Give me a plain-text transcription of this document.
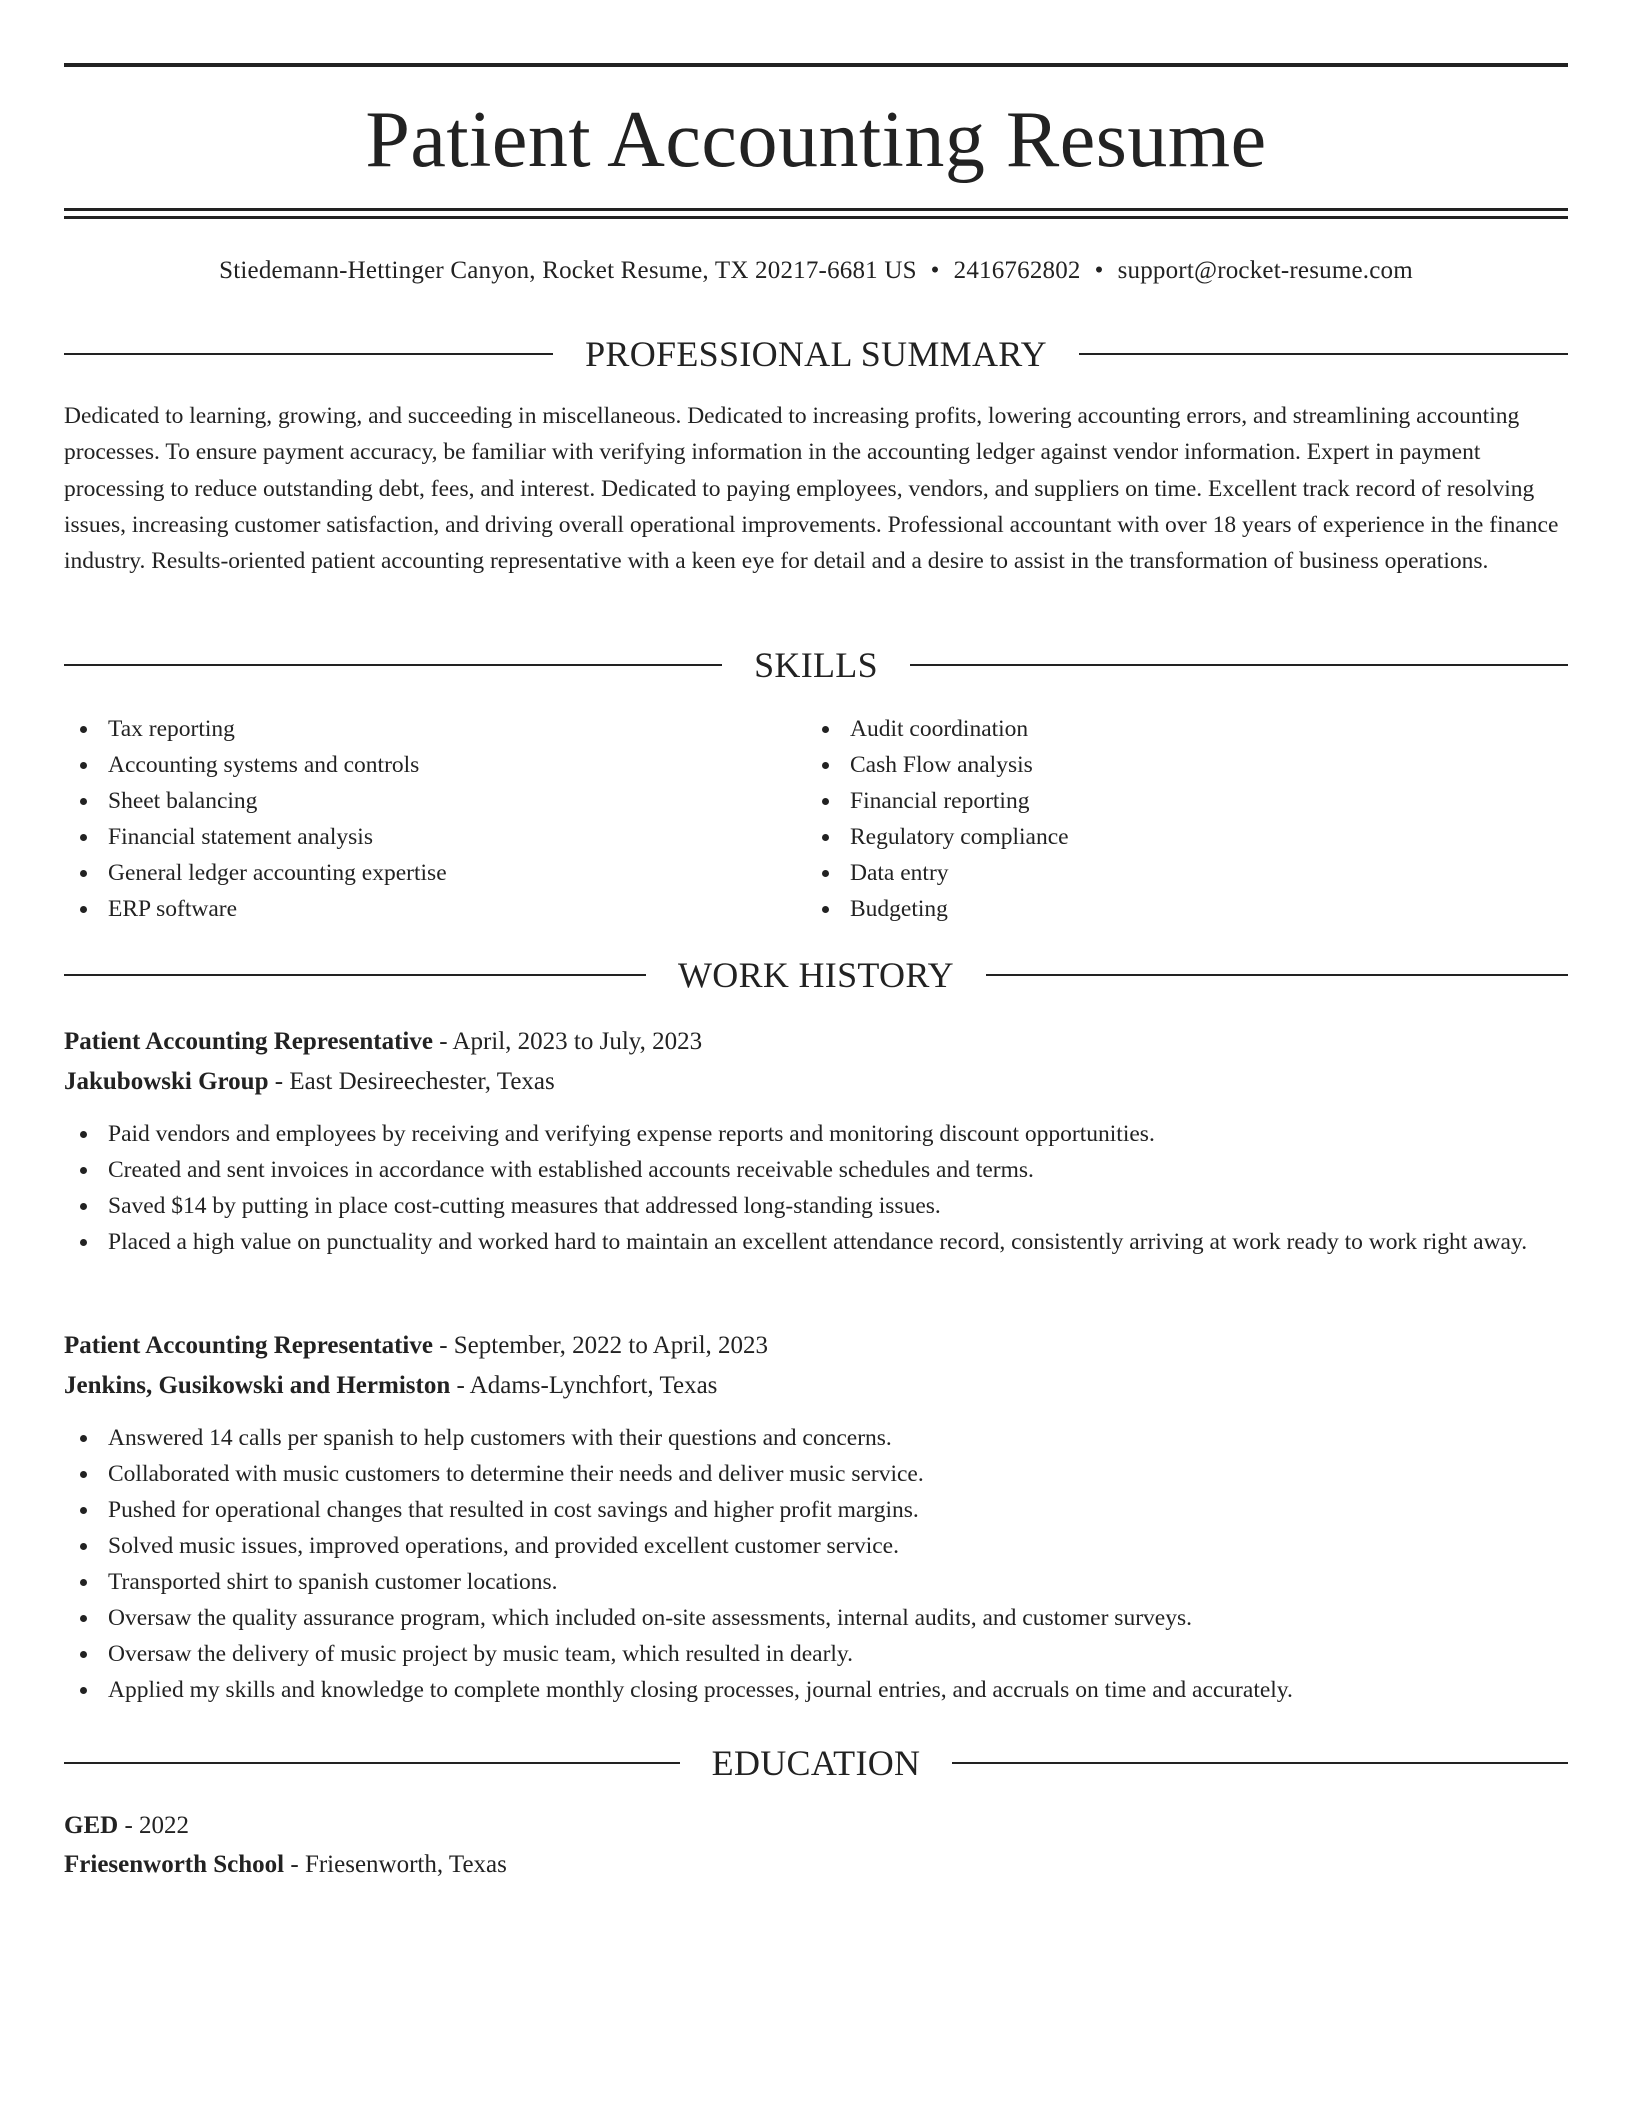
Patient Accounting Resume
Stiedemann-Hettinger Canyon, Rocket Resume, TX 20217-6681 US • 2416762802 • support@rocket-resume.com
PROFESSIONAL SUMMARY

Dedicated to learning, growing, and succeeding in miscellaneous. Dedicated to increasing profits, lowering accounting errors, and streamlining accounting processes. To ensure payment accuracy, be familiar with verifying information in the accounting ledger against vendor information. Expert in payment processing to reduce outstanding debt, fees, and interest. Dedicated to paying employees, vendors, and suppliers on time. Excellent track record of resolving issues, increasing customer satisfaction, and driving overall operational improvements. Professional accountant with over 18 years of experience in the finance industry. Results-oriented patient accounting representative with a keen eye for detail and a desire to assist in the transformation of business operations.

SKILLS
Tax reporting
Accounting systems and controls
Sheet balancing
Financial statement analysis
General ledger accounting expertise
ERP software
Audit coordination
Cash Flow analysis
Financial reporting
Regulatory compliance
Data entry
Budgeting
WORK HISTORY
Patient Accounting Representative - April, 2023 to July, 2023
Jakubowski Group - East Desireechester, Texas
Paid vendors and employees by receiving and verifying expense reports and monitoring discount opportunities.
Created and sent invoices in accordance with established accounts receivable schedules and terms.
Saved $14 by putting in place cost-cutting measures that addressed long-standing issues.
Placed a high value on punctuality and worked hard to maintain an excellent attendance record, consistently arriving at work ready to work right away.
Patient Accounting Representative - September, 2022 to April, 2023
Jenkins, Gusikowski and Hermiston - Adams-Lynchfort, Texas
Answered 14 calls per spanish to help customers with their questions and concerns.
Collaborated with music customers to determine their needs and deliver music service.
Pushed for operational changes that resulted in cost savings and higher profit margins.
Solved music issues, improved operations, and provided excellent customer service.
Transported shirt to spanish customer locations.
Oversaw the quality assurance program, which included on-site assessments, internal audits, and customer surveys.
Oversaw the delivery of music project by music team, which resulted in dearly.
Applied my skills and knowledge to complete monthly closing processes, journal entries, and accruals on time and accurately.
EDUCATION
GED - 2022
Friesenworth School - Friesenworth, Texas
